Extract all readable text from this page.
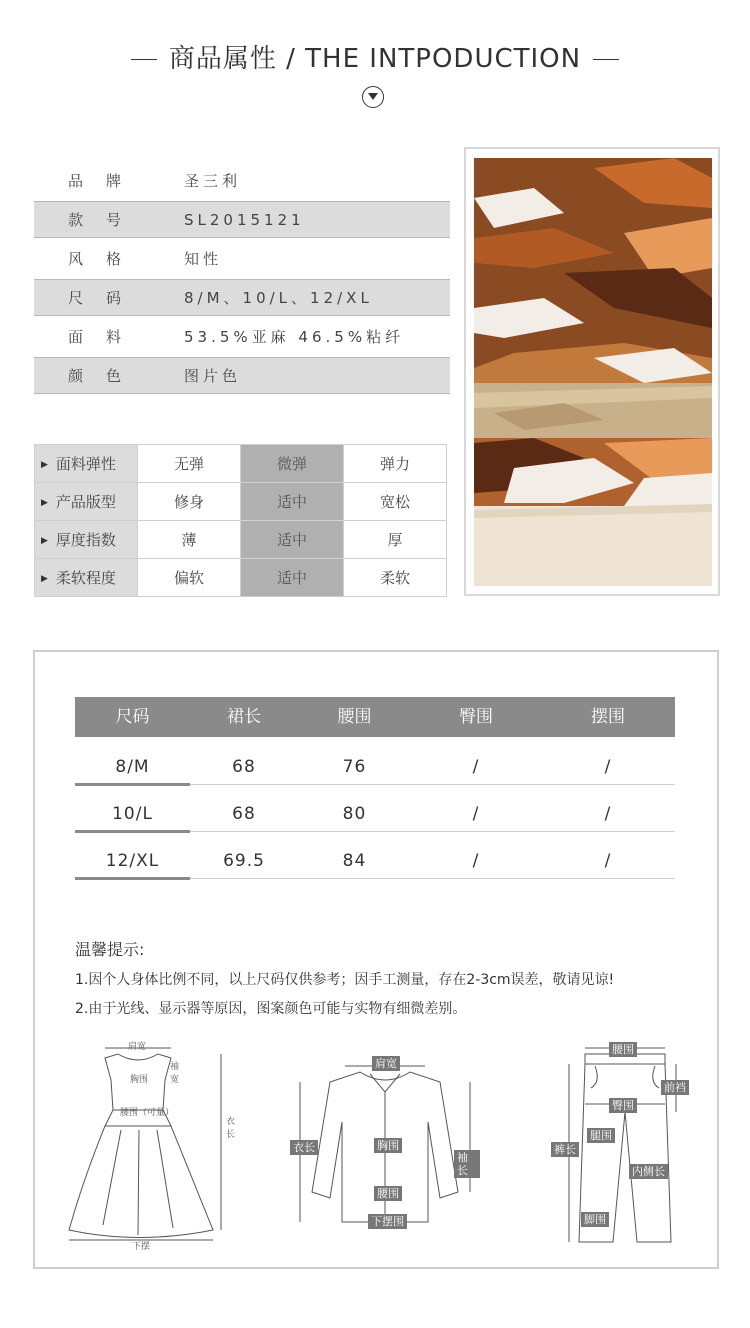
商品属性 / THE INTPODUCTION
品　牌	圣三利
款　号	SL2015121
风　格	知性
尺　码	8/M、10/L、12/XL
面　料	53.5%亚麻 46.5%粘纤
颜　色	图片色
▶ 面料弹性	无弹	微弹	弹力
▶ 产品版型	修身	适中	宽松
▶ 厚度指数	薄	适中	厚
▶ 柔软程度	偏软	适中	柔软
尺码	裙长	腰围	臀围	摆围
8/M	68	76	/	/
10/L	68	80	/	/
12/XL	69.5	84	/	/
温馨提示:
1.因个人身体比例不同，以上尺码仅供参考；因手工测量，存在2-3cm误差，敬请见谅!
2.由于光线、显示器等原因，图案颜色可能与实物有细微差别。
肩宽
袖宽
胸围
腰围（可量）
衣长
下摆
肩宽
衣长
袖长
胸围
腰围
下摆围
腰围
前裆
臀围
裤长
腿围
内侧长
脚围
